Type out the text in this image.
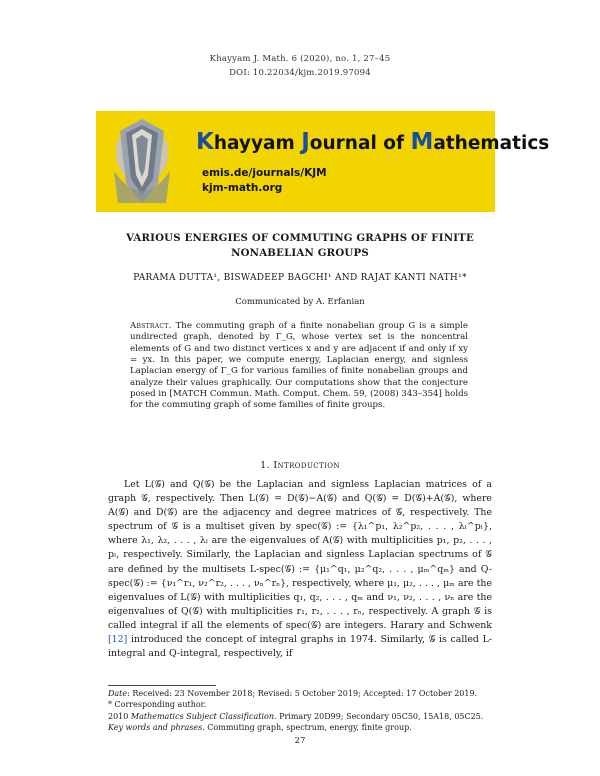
Khayyam J. Math. 6 (2020), no. 1, 27–45
DOI: 10.22034/kjm.2019.97094
Khayyam Journal of Mathematics
emis.de/journals/KJM
kjm-math.org
VARIOUS ENERGIES OF COMMUTING GRAPHS OF FINITE
NONABELIAN GROUPS
PARAMA DUTTA¹, BISWADEEP BAGCHI¹ AND RAJAT KANTI NATH¹*
Communicated by A. Erfanian
Abstract. The commuting graph of a finite nonabelian group G is a simple undirected graph, denoted by Γ_G, whose vertex set is the noncentral elements of G and two distinct vertices x and y are adjacent if and only if xy = yx. In this paper, we compute energy, Laplacian energy, and signless Laplacian energy of Γ_G for various families of finite nonabelian groups and analyze their values graphically. Our computations show that the conjecture posed in [MATCH Commun. Math. Comput. Chem. 59, (2008) 343–354] holds for the commuting graph of some families of finite groups.
1. Introduction

Let L(𝒢) and Q(𝒢) be the Laplacian and signless Laplacian matrices of a graph 𝒢, respectively. Then L(𝒢) = D(𝒢)−A(𝒢) and Q(𝒢) = D(𝒢)+A(𝒢), where A(𝒢) and D(𝒢) are the adjacency and degree matrices of 𝒢, respectively. The spectrum of 𝒢 is a multiset given by spec(𝒢) := {λ₁^p₁, λ₂^p₂, . . . , λₗ^pₗ}, where λ₁, λ₂, . . . , λₗ are the eigenvalues of A(𝒢) with multiplicities p₁, p₂, . . . , pₗ, respectively. Similarly, the Laplacian and signless Laplacian spectrums of 𝒢 are defined by the multisets L-spec(𝒢) := {μ₁^q₁, μ₂^q₂, . . . , μₘ^qₘ} and Q-spec(𝒢) := {ν₁^r₁, ν₂^r₂, . . . , νₙ^rₙ}, respectively, where μ₁, μ₂, . . . , μₘ are the eigenvalues of L(𝒢) with multiplicities q₁, q₂, . . . , qₘ and ν₁, ν₂, . . . , νₙ are the eigenvalues of Q(𝒢) with multiplicities r₁, r₂, . . . , rₙ, respectively. A graph 𝒢 is called integral if all the elements of spec(𝒢) are integers. Harary and Schwenk [12] introduced the concept of integral graphs in 1974. Similarly, 𝒢 is called L-integral and Q-integral, respectively, if

Date: Received: 23 November 2018; Revised: 5 October 2019; Accepted: 17 October 2019.
* Corresponding author.
2010 Mathematics Subject Classification. Primary 20D99; Secondary 05C50, 15A18, 05C25.
Key words and phrases. Commuting graph, spectrum, energy, finite group.
27
